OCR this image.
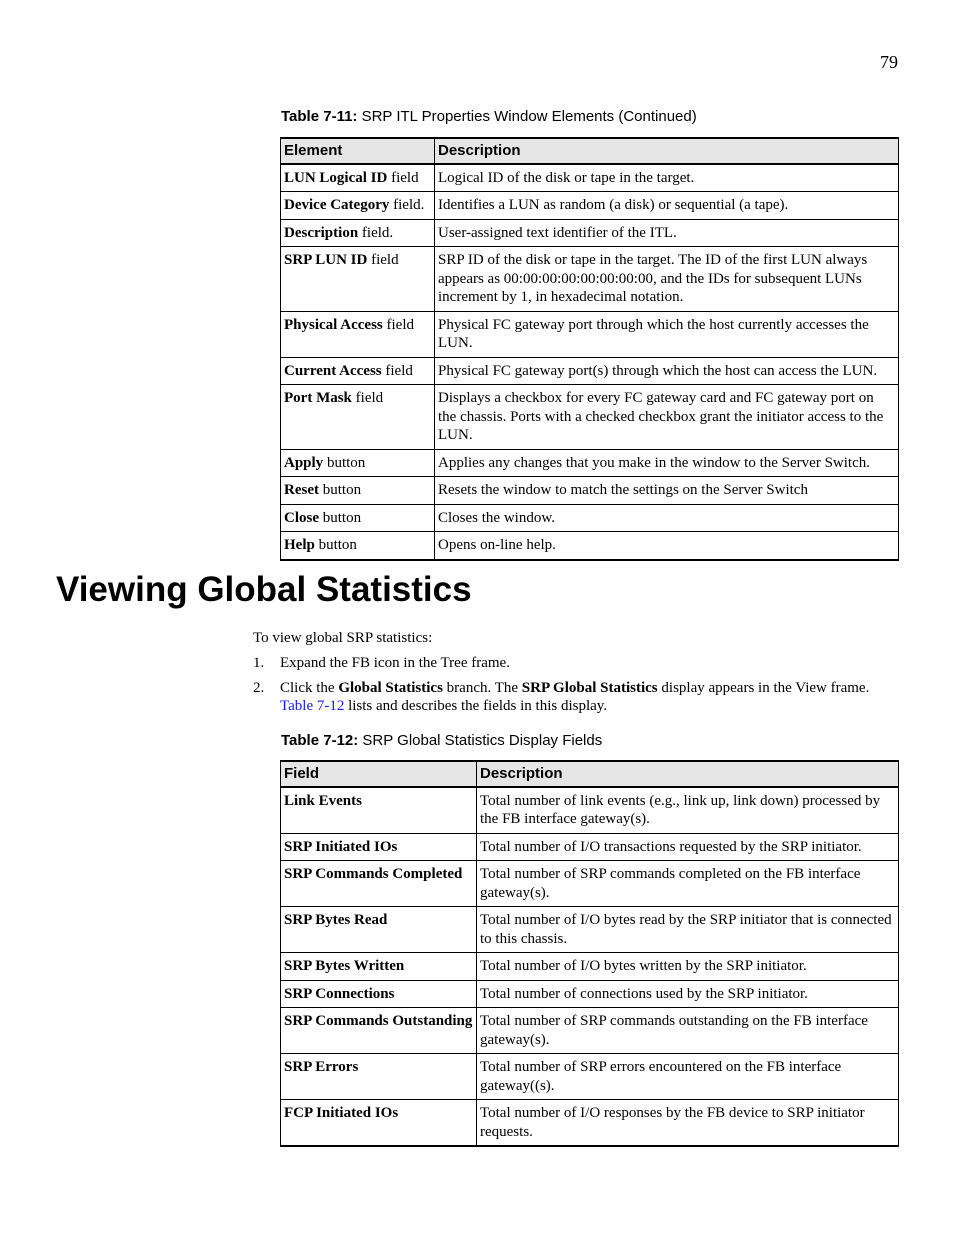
79
Table 7-11: SRP ITL Properties Window Elements (Continued)
Element	Description
LUN Logical ID field	Logical ID of the disk or tape in the target.
Device Category field.	Identifies a LUN as random (a disk) or sequential (a tape).
Description field.	User-assigned text identifier of the ITL.
SRP LUN ID field	SRP ID of the disk or tape in the target. The ID of the first LUN always appears as 00:00:00:00:00:00:00:00, and the IDs for subsequent LUNs increment by 1, in hexadecimal notation.
Physical Access field	Physical FC gateway port through which the host currently accesses the LUN.
Current Access field	Physical FC gateway port(s) through which the host can access the LUN.
Port Mask field	Displays a checkbox for every FC gateway card and FC gateway port on the chassis. Ports with a checked checkbox grant the initiator access to the LUN.
Apply button	Applies any changes that you make in the window to the Server Switch.
Reset button	Resets the window to match the settings on the Server Switch
Close button	Closes the window.
Help button	Opens on-line help.
Viewing Global Statistics
To view global SRP statistics:
1. Expand the FB icon in the Tree frame.
2. Click the Global Statistics branch. The SRP Global Statistics display appears in the View frame. Table 7-12 lists and describes the fields in this display.
Table 7-12: SRP Global Statistics Display Fields
Field	Description
Link Events	Total number of link events (e.g., link up, link down) processed by the FB interface gateway(s).
SRP Initiated IOs	Total number of I/O transactions requested by the SRP initiator.
SRP Commands Completed	Total number of SRP commands completed on the FB interface gateway(s).
SRP Bytes Read	Total number of I/O bytes read by the SRP initiator that is connected to this chassis.
SRP Bytes Written	Total number of I/O bytes written by the SRP initiator.
SRP Connections	Total number of connections used by the SRP initiator.
SRP Commands Outstanding	Total number of SRP commands outstanding on the FB interface gateway(s).
SRP Errors	Total number of SRP errors encountered on the FB interface gateway((s).
FCP Initiated IOs	Total number of I/O responses by the FB device to SRP initiator requests.
